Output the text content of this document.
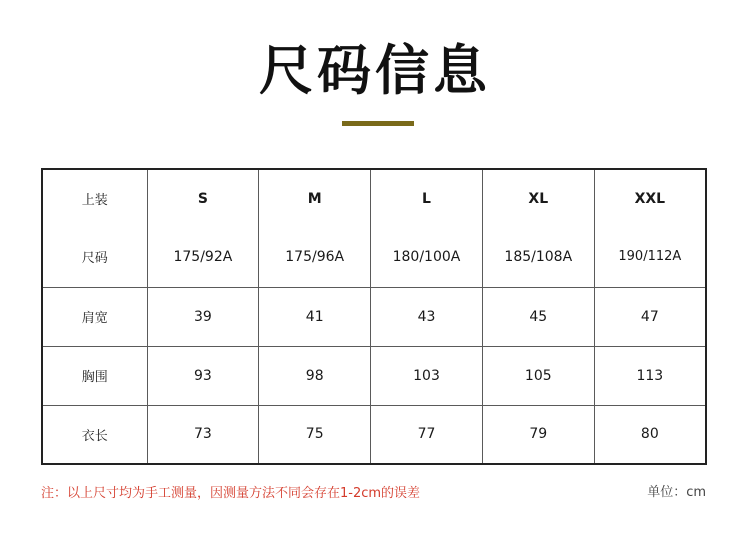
尺码信息
上装	S	M	L	XL	XXL
尺码	175/92A	175/96A	180/100A	185/108A	190/112A
肩宽	39	41	43	45	47
胸围	93	98	103	105	113
衣长	73	75	77	79	80
注：以上尺寸均为手工测量，因测量方法不同会存在1-2cm的误差	单位：cm
